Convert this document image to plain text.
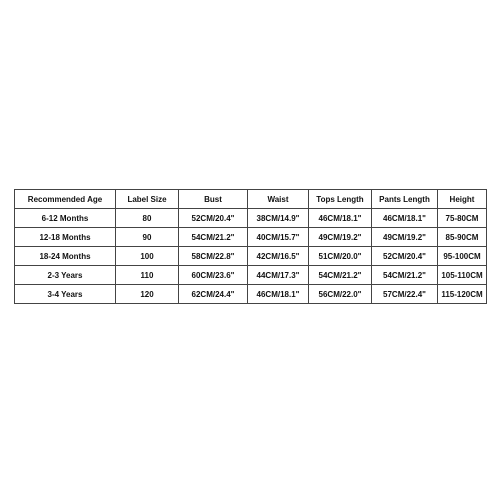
Recommended Age	Label Size	Bust	Waist	Tops Length	Pants Length	Height
6-12 Months	80	52CM/20.4"	38CM/14.9"	46CM/18.1"	46CM/18.1"	75-80CM
12-18 Months	90	54CM/21.2"	40CM/15.7"	49CM/19.2"	49CM/19.2"	85-90CM
18-24 Months	100	58CM/22.8"	42CM/16.5"	51CM/20.0"	52CM/20.4"	95-100CM
2-3 Years	110	60CM/23.6"	44CM/17.3"	54CM/21.2"	54CM/21.2"	105-110CM
3-4 Years	120	62CM/24.4"	46CM/18.1"	56CM/22.0"	57CM/22.4"	115-120CM
